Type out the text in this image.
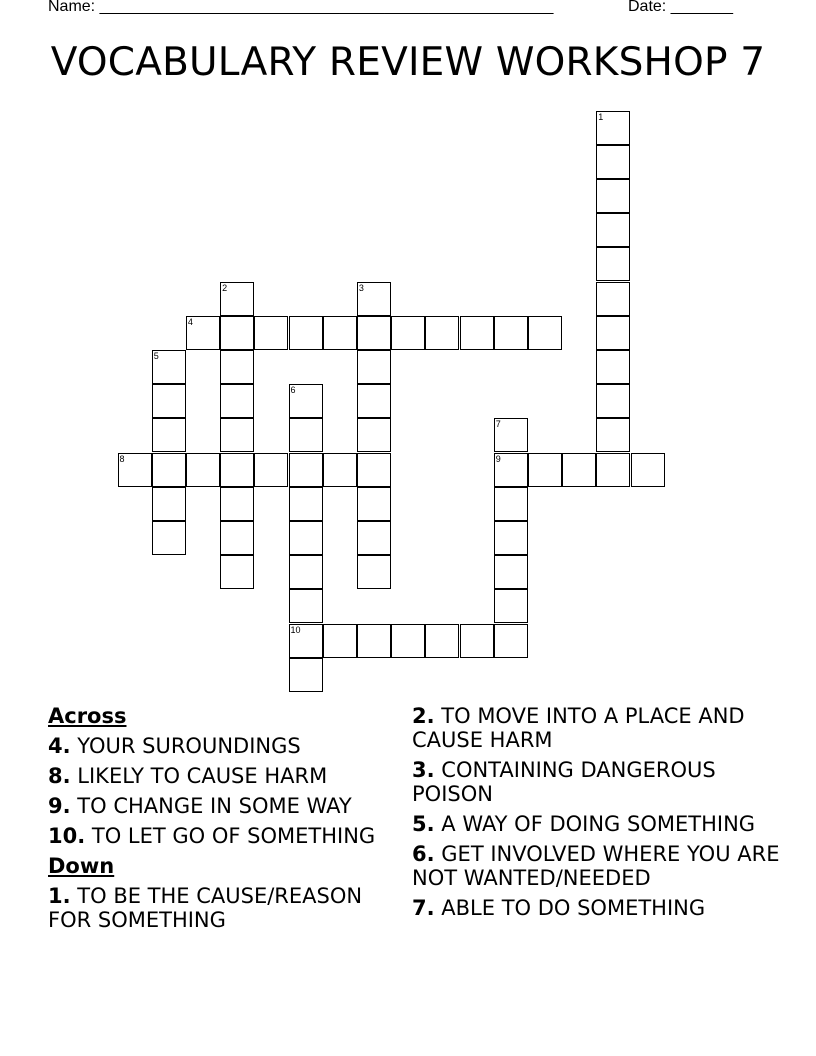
Name: ___________________________________________________	Date: _______
VOCABULARY REVIEW WORKSHOP 7
1
2	3
4
5
6
10
7
9
8
Across
4. YOUR SUROUNDINGS
8. LIKELY TO CAUSE HARM
9. TO CHANGE IN SOME WAY
10. TO LET GO OF SOMETHING
Down
1. TO BE THE CAUSE/REASON FOR SOMETHING
2. TO MOVE INTO A PLACE AND CAUSE HARM
3. CONTAINING DANGEROUS POISON
5. A WAY OF DOING SOMETHING
6. GET INVOLVED WHERE YOU ARE NOT WANTED/NEEDED
7. ABLE TO DO SOMETHING
